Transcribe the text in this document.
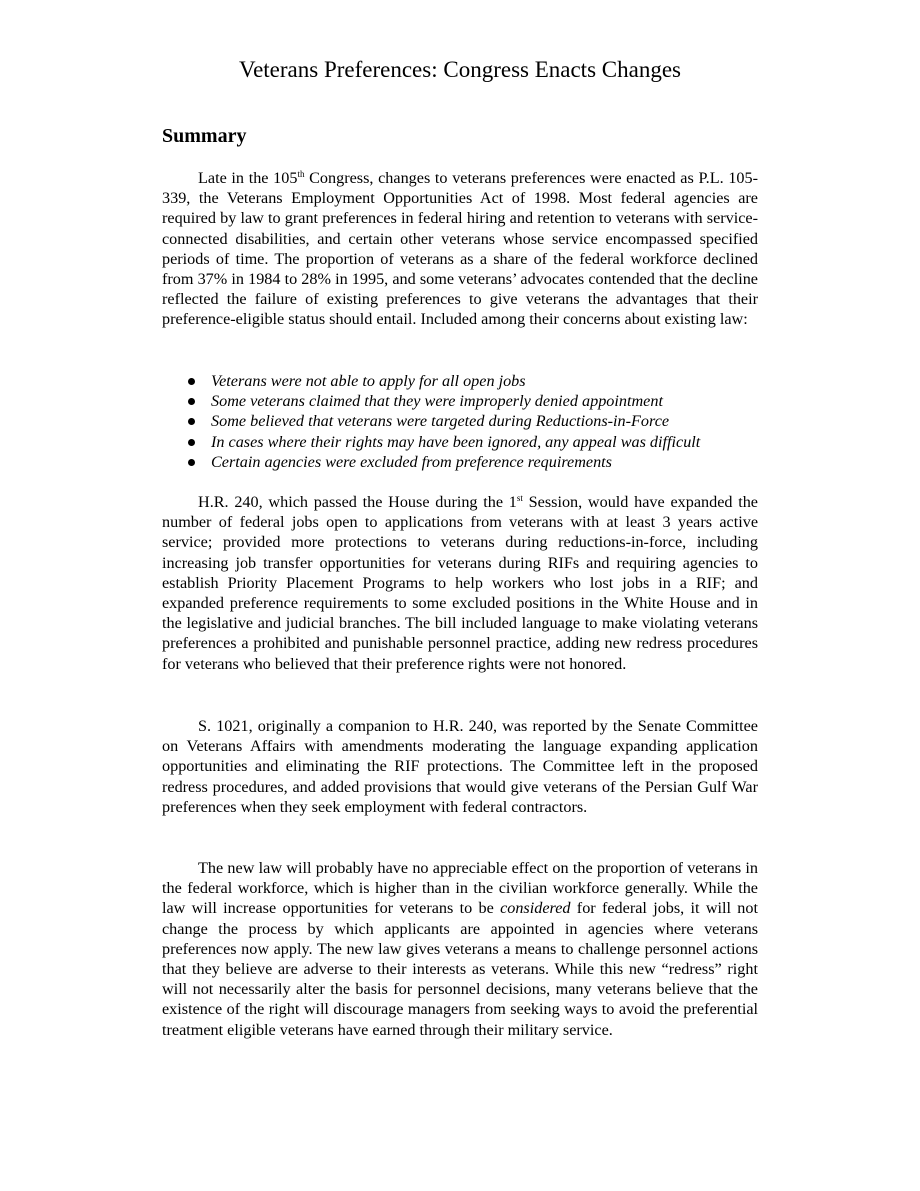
Veterans Preferences: Congress Enacts Changes
Summary

Late in the 105th Congress, changes to veterans preferences were enacted as P.L. 105-339, the Veterans Employment Opportunities Act of 1998. Most federal agencies are required by law to grant preferences in federal hiring and retention to veterans with service-connected disabilities, and certain other veterans whose service encompassed specified periods of time. The proportion of veterans as a share of the federal workforce declined from 37% in 1984 to 28% in 1995, and some veterans’ advocates contended that the decline reflected the failure of existing preferences to give veterans the advantages that their preference-eligible status should entail. Included among their concerns about existing law:

Veterans were not able to apply for all open jobs
Some veterans claimed that they were improperly denied appointment
Some believed that veterans were targeted during Reductions-in-Force
In cases where their rights may have been ignored, any appeal was difficult
Certain agencies were excluded from preference requirements

H.R. 240, which passed the House during the 1st Session, would have expanded the number of federal jobs open to applications from veterans with at least 3 years active service; provided more protections to veterans during reductions-in-force, including increasing job transfer opportunities for veterans during RIFs and requiring agencies to establish Priority Placement Programs to help workers who lost jobs in a RIF; and expanded preference requirements to some excluded positions in the White House and in the legislative and judicial branches. The bill included language to make violating veterans preferences a prohibited and punishable personnel practice, adding new redress procedures for veterans who believed that their preference rights were not honored.

S. 1021, originally a companion to H.R. 240, was reported by the Senate Committee on Veterans Affairs with amendments moderating the language expanding application opportunities and eliminating the RIF protections. The Committee left in the proposed redress procedures, and added provisions that would give veterans of the Persian Gulf War preferences when they seek employment with federal contractors.

The new law will probably have no appreciable effect on the proportion of veterans in the federal workforce, which is higher than in the civilian workforce generally. While the law will increase opportunities for veterans to be considered for federal jobs, it will not change the process by which applicants are appointed in agencies where veterans preferences now apply. The new law gives veterans a means to challenge personnel actions that they believe are adverse to their interests as veterans. While this new “redress” right will not necessarily alter the basis for personnel decisions, many veterans believe that the existence of the right will discourage managers from seeking ways to avoid the preferential treatment eligible veterans have earned through their military service.
